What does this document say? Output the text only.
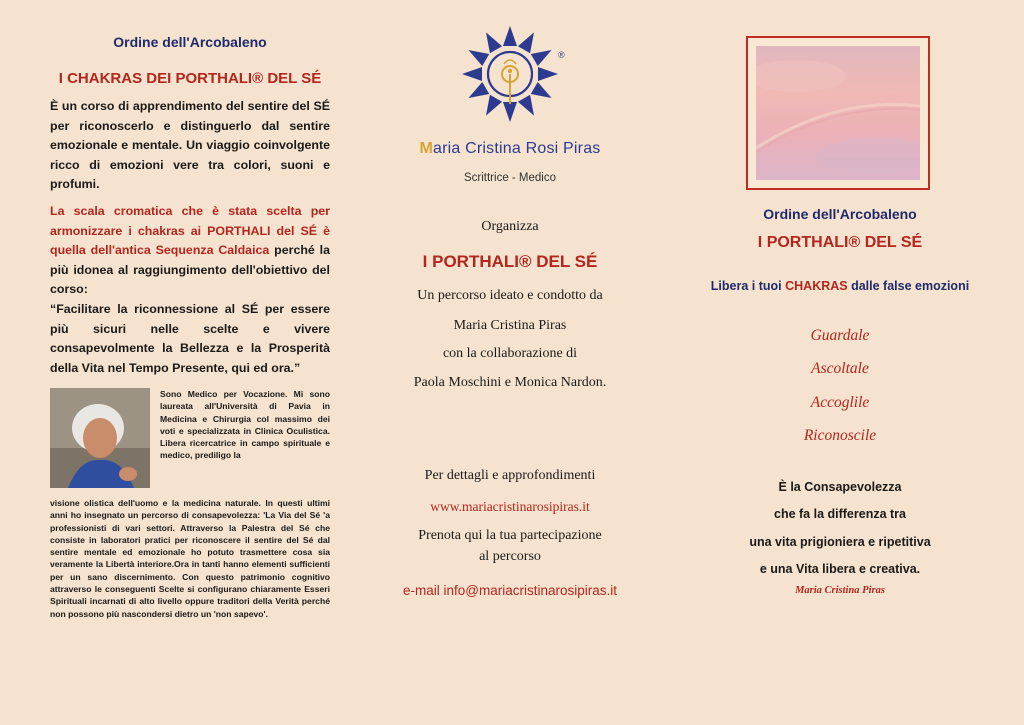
Ordine dell'Arcobaleno
I CHAKRAS DEI PORTHALI® DEL SÉ
È un corso di apprendimento del sentire del SÉ per riconoscerlo e distinguerlo dal sentire emozionale e mentale. Un viaggio coinvolgente ricco di emozioni vere tra colori, suoni e profumi.
La scala cromatica che è stata scelta per armonizzare i chakras ai PORTHALI del SÉ è quella dell'antica Sequenza Caldaica perché la più idonea al raggiungimento dell'obiettivo del corso:
“Facilitare la riconnessione al SÉ per essere più sicuri nelle scelte e vivere consapevolmente la Bellezza e la Prosperità della Vita nel Tempo Presente, qui ed ora.”
Sono Medico per Vocazione. Mi sono laureata all'Università di Pavia in Medicina e Chirurgia col massimo dei voti e specializzata in Clinica Oculistica. Libera ricercatrice in campo spirituale e medico, prediligo la
visione olistica dell'uomo e la medicina naturale. In questi ultimi anni ho insegnato un percorso di consapevolezza: 'La Via del Sé 'a professionisti di vari settori. Attraverso la Palestra del Sé che consiste in laboratori pratici per riconoscere il sentire del Sé dal sentire mentale ed emozionale ho potuto trasmettere cosa sia veramente la Libertà interiore.Ora in tanti hanno elementi sufficienti per un sano discernimento. Con questo patrimonio cognitivo attraverso le conseguenti Scelte si configurano chiaramente Esseri Spirituali incarnati di alto livello oppure traditori della Verità perché non possono più nascondersi dietro un 'non sapevo'.
®
Maria Cristina Rosi Piras
Scrittrice - Medico
Organizza
I PORTHALI® DEL SÉ
Un percorso ideato e condotto da
Maria Cristina Piras
con la collaborazione di
Paola Moschini e Monica Nardon.
Per dettagli e approfondimenti
www.mariacristinarosipiras.it
Prenota qui la tua partecipazione
al percorso
e-mail info@mariacristinarosipiras.it
Ordine dell'Arcobaleno
I PORTHALI® DEL SÉ
Libera i tuoi CHAKRAS dalle false emozioni
Guardale
Ascoltale
Accoglile
Riconoscile
È la Consapevolezza
che fa la differenza tra
una vita prigioniera e ripetitiva
e una Vita libera e creativa.
Maria Cristina Piras
